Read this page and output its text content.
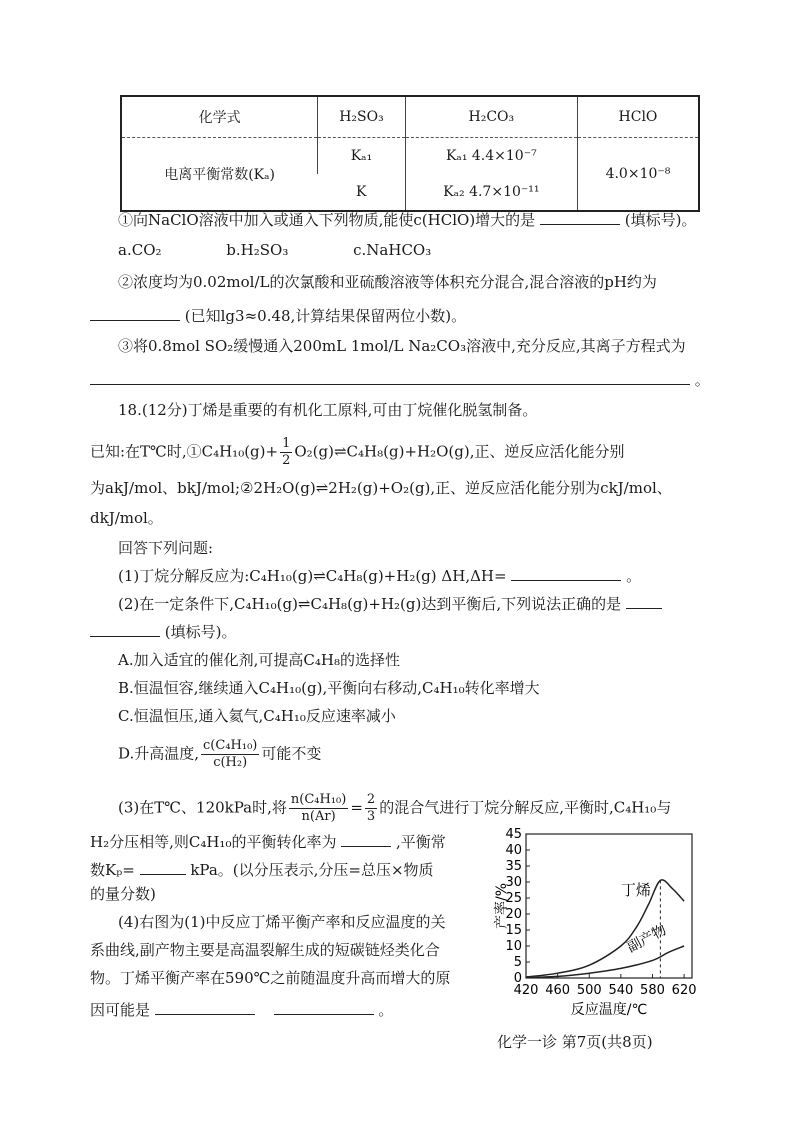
化学式	H₂SO₃	H₂CO₃	HClO
电离平衡常数(Kₐ)	Kₐ₁	Kₐ₁ 4.4×10⁻⁷	4.0×10⁻⁸
	K	Kₐ₂ 4.7×10⁻¹¹	
①向NaClO溶液中加入或通入下列物质,能使c(HClO)增大的是	(填标号)。
a.CO₂	b.H₂SO₃	c.NaHCO₃
②浓度均为0.02mol/L的次氯酸和亚硫酸溶液等体积充分混合,混合溶液的pH约为
(已知lg3≈0.48,计算结果保留两位小数)。
③将0.8mol SO₂缓慢通入200mL 1mol/L Na₂CO₃溶液中,充分反应,其离子方程式为
。
18.(12分)丁烯是重要的有机化工原料,可由丁烷催化脱氢制备。
已知:在T℃时,①C₄H₁₀(g)+ $\frac{1}{2}$ O₂(g)⇌C₄H₈(g)+H₂O(g),正、逆反应活化能分别
为akJ/mol、bkJ/mol;②2H₂O(g)⇌2H₂(g)+O₂(g),正、逆反应活化能分别为ckJ/mol、
dkJ/mol。
回答下列问题:
(1)丁烷分解反应为:C₄H₁₀(g)⇌C₄H₈(g)+H₂(g) ΔH,ΔH=	。
(2)在一定条件下,C₄H₁₀(g)⇌C₄H₈(g)+H₂(g)达到平衡后,下列说法正确的是
(填标号)。
A.加入适宜的催化剂,可提高C₄H₈的选择性
B.恒温恒容,继续通入C₄H₁₀(g),平衡向右移动,C₄H₁₀转化率增大
C.恒温恒压,通入氦气,C₄H₁₀反应速率减小
D.升高温度, $\frac{\text{c(C₄H₁₀)}}{\text{c(H₂)}}$ 可能不变
(3)在T℃、120kPa时,将 $\frac{\text{n(C₄H₁₀)}}{n(Ar)} = \frac{2}{3}$ 的混合气进行丁烷分解反应,平衡时,C₄H₁₀与
H₂分压相等,则C₄H₁₀的平衡转化率为	,平衡常
数Kₚ=	kPa。(以分压表示,分压=总压×物质
的量分数)
(4)右图为(1)中反应丁烯平衡产率和反应温度的关
系曲线,副产物主要是高温裂解生成的短碳链烃类化合
物。丁烯平衡产率在590℃之前随温度升高而增大的原
因可能是	。
0
5
10
15
20
25
30
35
40
45
420 460 500 540 580 620
反应温度/℃
产率/%	丁烯
副产物
化学一诊 第7页(共8页)
